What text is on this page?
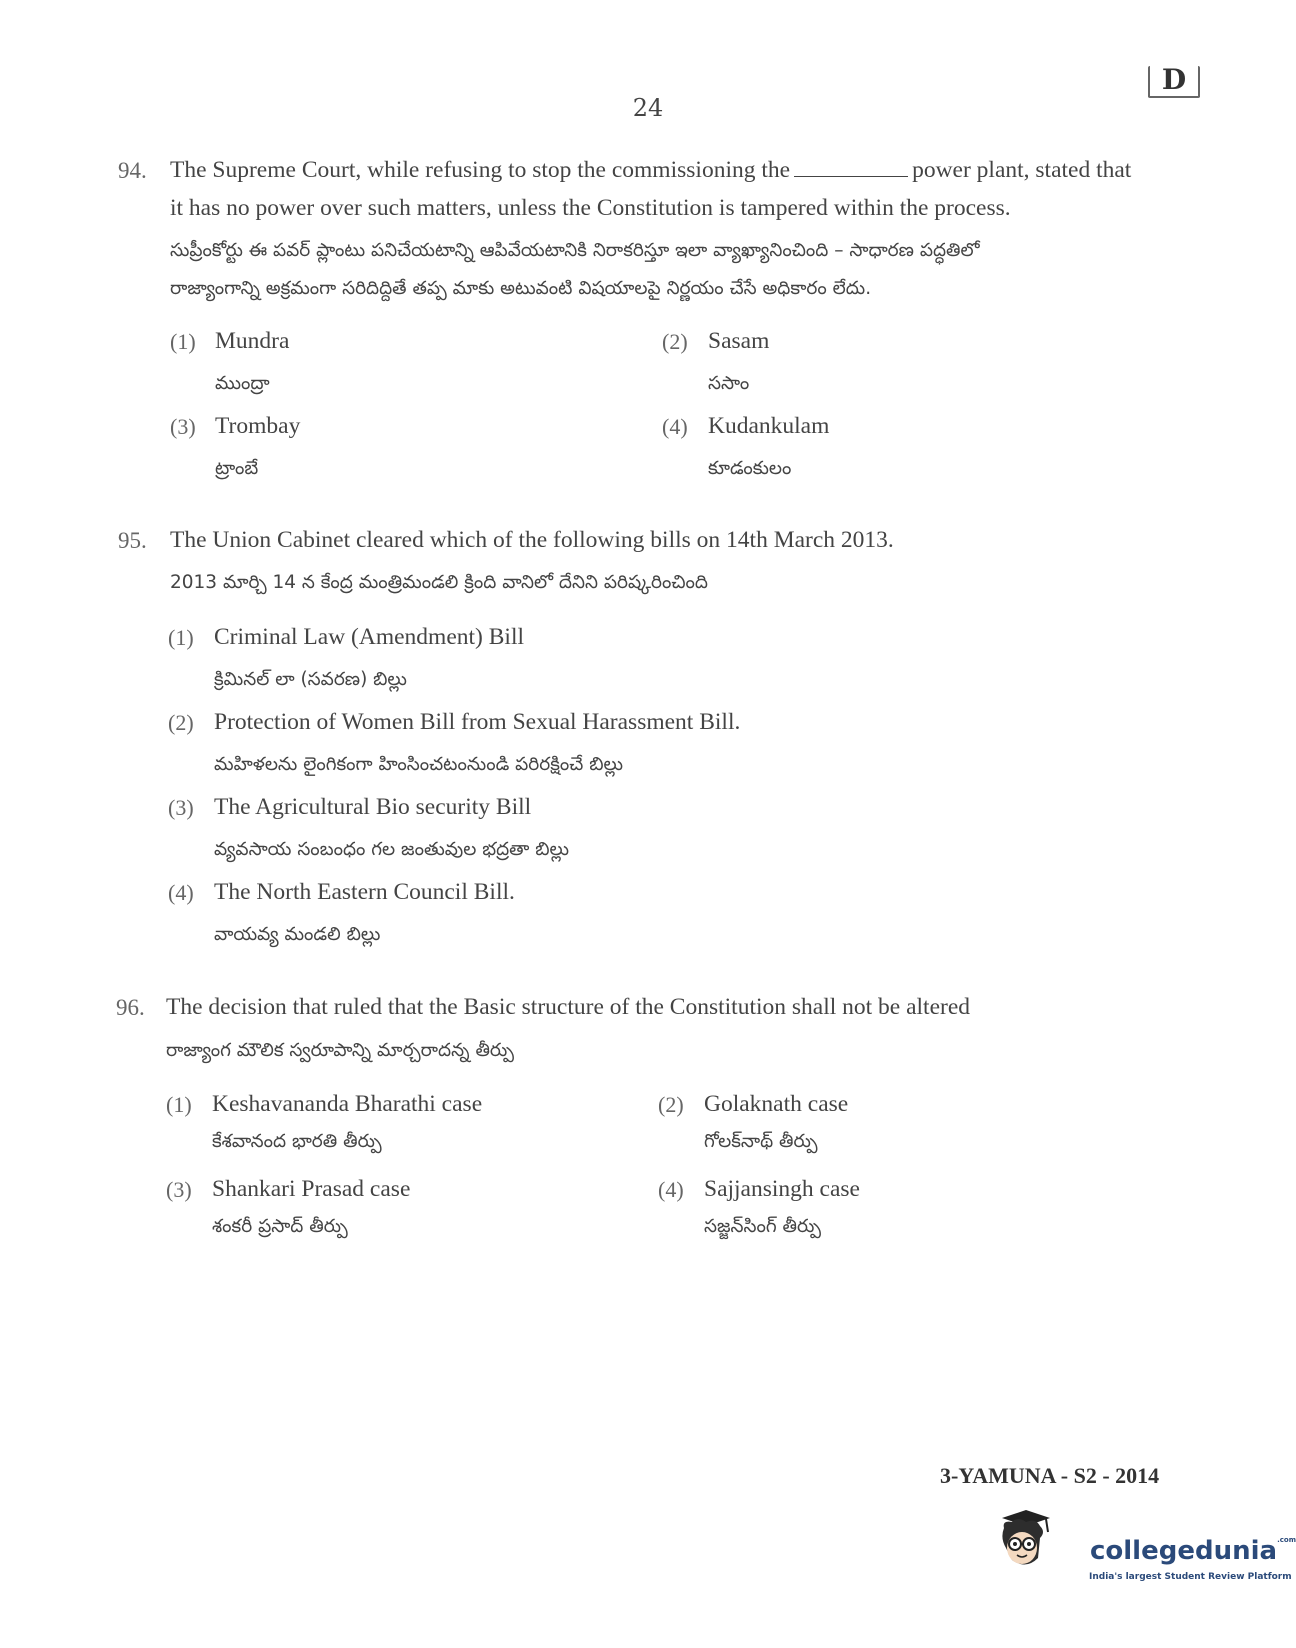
D
24
94. The Supreme Court, while refusing to stop the commissioning the	power plant, stated that
it has no power over such matters, unless the Constitution is tampered within the process.
సుప్రీంకోర్టు ఈ పవర్ ప్లాంటు పనిచేయటాన్ని ఆపివేయటానికి నిరాకరిస్తూ ఇలా వ్యాఖ్యానించింది – సాధారణ పద్ధతిలో
రాజ్యాంగాన్ని అక్రమంగా సరిదిద్దితే తప్ప మాకు అటువంటి విషయాలపై నిర్ణయం చేసే అధికారం లేదు.
(1) Mundra
ముంద్రా
(2) Sasam
ససాం
(3) Trombay
ట్రాంబే
(4) Kudankulam
కూడంకులం
95. The Union Cabinet cleared which of the following bills on 14th March 2013.
2013 మార్చి 14 న కేంద్ర మంత్రిమండలి క్రింది వానిలో దేనిని పరిష్కరించింది
(1) Criminal Law (Amendment) Bill
క్రిమినల్ లా (సవరణ) బిల్లు
(2) Protection of Women Bill from Sexual Harassment Bill.
మహిళలను లైంగికంగా హింసించటంనుండి పరిరక్షించే బిల్లు
(3) The Agricultural Bio security Bill
వ్యవసాయ సంబంధం గల జంతువుల భద్రతా బిల్లు
(4) The North Eastern Council Bill.
వాయవ్య మండలి బిల్లు
96. The decision that ruled that the Basic structure of the Constitution shall not be altered
రాజ్యాంగ మౌలిక స్వరూపాన్ని మార్చరాదన్న తీర్పు
(1) Keshavananda Bharathi case
కేశవానంద భారతి తీర్పు
(2) Golaknath case
గోలక్‌నాథ్ తీర్పు
(3) Shankari Prasad case
శంకరీ ప్రసాద్ తీర్పు
(4) Sajjansingh case
సజ్జన్‌సింగ్ తీర్పు
3-YAMUNA - S2 - 2014
collegedunia$^{.com}$
India's largest Student Review Platform
